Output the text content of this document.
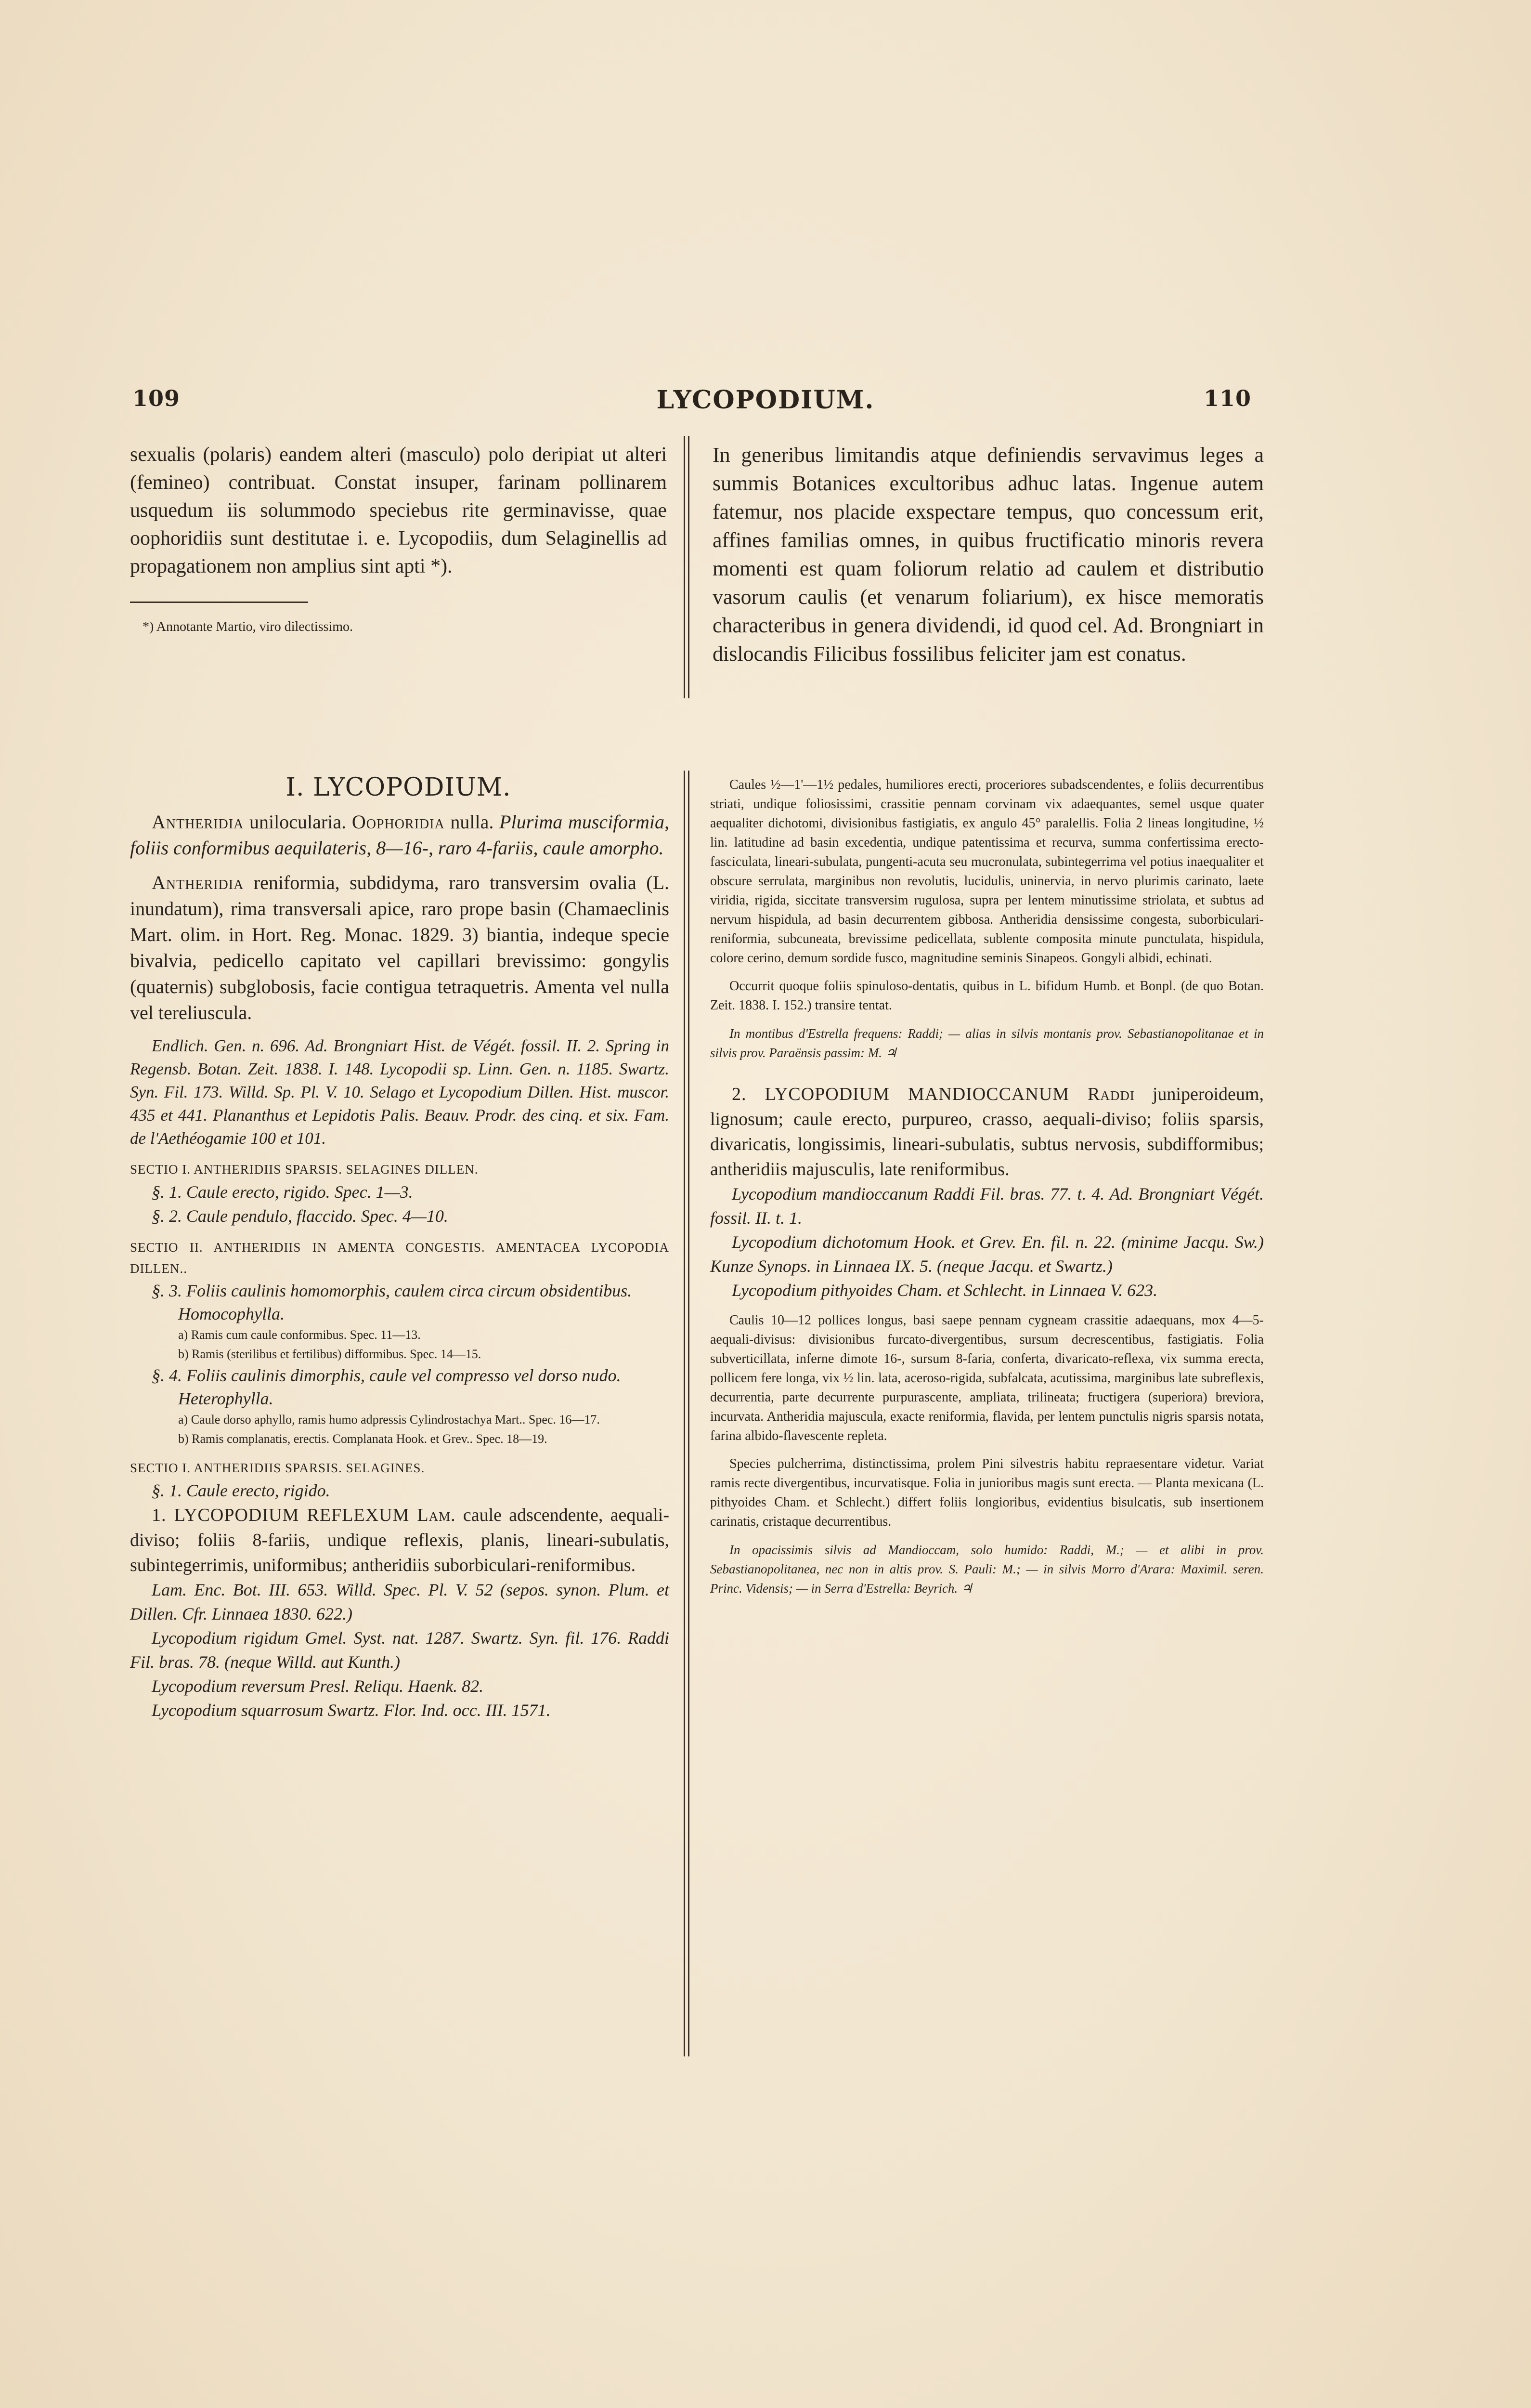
LYCOPODIUM.
109	110

sexualis (polaris) eandem alteri (masculo) polo deripiat ut alteri (femineo) contribuat. Constat insuper, farinam pollinarem usquedum iis solummodo speciebus rite germinavisse, quae oophoridiis sunt destitutae i. e. Lycopodiis, dum Selaginellis ad propagationem non amplius sint apti *).

*) Annotante Martio, viro dilectissimo.

In generibus limitandis atque definiendis servavimus leges a summis Botanices excultoribus adhuc latas. Ingenue autem fatemur, nos placide exspectare tempus, quo concessum erit, affines familias omnes, in quibus fructificatio minoris revera momenti est quam foliorum relatio ad caulem et distributio vasorum caulis (et venarum foliarium), ex hisce memoratis characteribus in genera dividendi, id quod cel. Ad. Brongniart in dislocandis Filicibus fossilibus feliciter jam est conatus.

I. LYCOPODIUM.

Antheridia unilocularia. Oophoridia nulla. Plurima musciformia, foliis conformibus aequilateris, 8—16-, raro 4-fariis, caule amorpho.

Antheridia reniformia, subdidyma, raro transversim ovalia (L. inundatum), rima transversali apice, raro prope basin (Chamaeclinis Mart. olim. in Hort. Reg. Monac. 1829. 3) biantia, indeque specie bivalvia, pedicello capitato vel capillari brevissimo: gongylis (quaternis) subglobosis, facie contigua tetraquetris. Amenta vel nulla vel tereliuscula.

Endlich. Gen. n. 696. Ad. Brongniart Hist. de Végét. fossil. II. 2. Spring in Regensb. Botan. Zeit. 1838. I. 148. Lycopodii sp. Linn. Gen. n. 1185. Swartz. Syn. Fil. 173. Willd. Sp. Pl. V. 10. Selago et Lycopodium Dillen. Hist. muscor. 435 et 441. Plananthus et Lepidotis Palis. Beauv. Prodr. des cinq. et six. Fam. de l'Aethéogamie 100 et 101.

SECTIO I. ANTHERIDIIS SPARSIS. SELAGINES DILLEN.

§. 1. Caule erecto, rigido. Spec. 1—3.

§. 2. Caule pendulo, flaccido. Spec. 4—10.

SECTIO II. ANTHERIDIIS IN AMENTA CONGESTIS. AMENTACEA LYCOPODIA DILLEN..

§. 3. Foliis caulinis homomorphis, caulem circa circum obsidentibus. Homocophylla.

a) Ramis cum caule conformibus. Spec. 11—13.

b) Ramis (sterilibus et fertilibus) difformibus. Spec. 14—15.

§. 4. Foliis caulinis dimorphis, caule vel compresso vel dorso nudo. Heterophylla.

a) Caule dorso aphyllo, ramis humo adpressis Cylindrostachya Mart.. Spec. 16—17.

b) Ramis complanatis, erectis. Complanata Hook. et Grev.. Spec. 18—19.

SECTIO I. ANTHERIDIIS SPARSIS. SELAGINES.

§. 1. Caule erecto, rigido.

1. LYCOPODIUM REFLEXUM Lam. caule adscendente, aequali-diviso; foliis 8-fariis, undique reflexis, planis, lineari-subulatis, subintegerrimis, uniformibus; antheridiis suborbiculari-reniformibus.

Lam. Enc. Bot. III. 653. Willd. Spec. Pl. V. 52 (sepos. synon. Plum. et Dillen. Cfr. Linnaea 1830. 622.)

Lycopodium rigidum Gmel. Syst. nat. 1287. Swartz. Syn. fil. 176. Raddi Fil. bras. 78. (neque Willd. aut Kunth.)

Lycopodium reversum Presl. Reliqu. Haenk. 82.

Lycopodium squarrosum Swartz. Flor. Ind. occ. III. 1571.

Caules ½—1'—1½ pedales, humiliores erecti, proceriores subadscendentes, e foliis decurrentibus striati, undique foliosissimi, crassitie pennam corvinam vix adaequantes, semel usque quater aequaliter dichotomi, divisionibus fastigiatis, ex angulo 45° paralellis. Folia 2 lineas longitudine, ½ lin. latitudine ad basin excedentia, undique patentissima et recurva, summa confertissima erecto-fasciculata, lineari-subulata, pungenti-acuta seu mucronulata, subintegerrima vel potius inaequaliter et obscure serrulata, marginibus non revolutis, lucidulis, uninervia, in nervo plurimis carinato, laete viridia, rigida, siccitate transversim rugulosa, supra per lentem minutissime striolata, et subtus ad nervum hispidula, ad basin decurrentem gibbosa. Antheridia densissime congesta, suborbiculari-reniformia, subcuneata, brevissime pedicellata, sublente composita minute punctulata, hispidula, colore cerino, demum sordide fusco, magnitudine seminis Sinapeos. Gongyli albidi, echinati.

Occurrit quoque foliis spinuloso-dentatis, quibus in L. bifidum Humb. et Bonpl. (de quo Botan. Zeit. 1838. I. 152.) transire tentat.

In montibus d'Estrella frequens: Raddi; — alias in silvis montanis prov. Sebastianopolitanae et in silvis prov. Paraënsis passim: M. ♃

2. LYCOPODIUM MANDIOCCANUM Raddi juniperoideum, lignosum; caule erecto, purpureo, crasso, aequali-diviso; foliis sparsis, divaricatis, longissimis, lineari-subulatis, subtus nervosis, subdifformibus; antheridiis majusculis, late reniformibus.

Lycopodium mandioccanum Raddi Fil. bras. 77. t. 4. Ad. Brongniart Végét. fossil. II. t. 1.

Lycopodium dichotomum Hook. et Grev. En. fil. n. 22. (minime Jacqu. Sw.) Kunze Synops. in Linnaea IX. 5. (neque Jacqu. et Swartz.)

Lycopodium pithyoides Cham. et Schlecht. in Linnaea V. 623.

Caulis 10—12 pollices longus, basi saepe pennam cygneam crassitie adaequans, mox 4—5-aequali-divisus: divisionibus furcato-divergentibus, sursum decrescentibus, fastigiatis. Folia subverticillata, inferne dimote 16-, sursum 8-faria, conferta, divaricato-reflexa, vix summa erecta, pollicem fere longa, vix ½ lin. lata, aceroso-rigida, subfalcata, acutissima, marginibus late subreflexis, decurrentia, parte decurrente purpurascente, ampliata, trilineata; fructigera (superiora) breviora, incurvata. Antheridia majuscula, exacte reniformia, flavida, per lentem punctulis nigris sparsis notata, farina albido-flavescente repleta.

Species pulcherrima, distinctissima, prolem Pini silvestris habitu repraesentare videtur. Variat ramis recte divergentibus, incurvatisque. Folia in junioribus magis sunt erecta. — Planta mexicana (L. pithyoides Cham. et Schlecht.) differt foliis longioribus, evidentius bisulcatis, sub insertionem carinatis, cristaque decurrentibus.

In opacissimis silvis ad Mandioccam, solo humido: Raddi, M.; — et alibi in prov. Sebastianopolitanea, nec non in altis prov. S. Pauli: M.; — in silvis Morro d'Arara: Maximil. seren. Princ. Vidensis; — in Serra d'Estrella: Beyrich. ♃
